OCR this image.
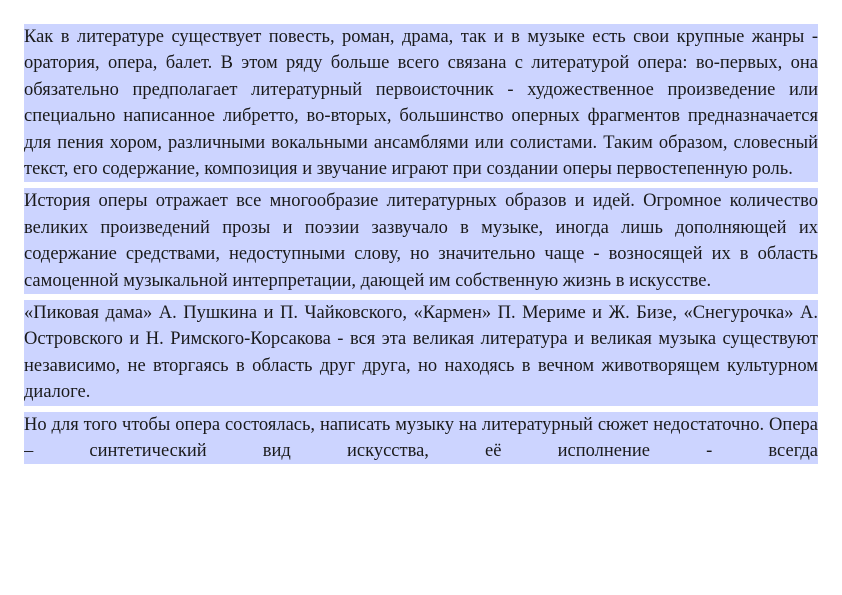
Как в литературе существует повесть, роман, драма, так и в музыке есть свои крупные жанры - оратория, опера, балет. В этом ряду больше всего связана с литературой опера: во-первых, она обязательно предполагает литературный первоисточник - художественное произведение или специально написанное либретто, во-вторых, большинство оперных фрагментов предназначается для пения хором, различными вокальными ансамблями или солистами. Таким образом, словесный текст, его содержание, композиция и звучание играют при создании оперы первостепенную роль.

История оперы отражает все многообразие литературных образов и идей. Огромное количество великих произведений прозы и поэзии зазвучало в музыке, иногда лишь дополняющей их содержание средствами, недоступными слову, но значительно чаще - возносящей их в область самоценной музыкальной интерпретации, дающей им собственную жизнь в искусстве.

«Пиковая дама» А. Пушкина и П. Чайковского, «Кармен» П. Мериме и Ж. Бизе, «Снегурочка» А. Островского и Н. Римского-Корсакова - вся эта великая литература и великая музыка существуют независимо, не вторгаясь в область друг друга, но находясь в вечном животворящем культурном диалоге.

Но для того чтобы опера состоялась, написать музыку на литературный сюжет недостаточно. Опера – синтетический вид искусства, её исполнение - всегда
